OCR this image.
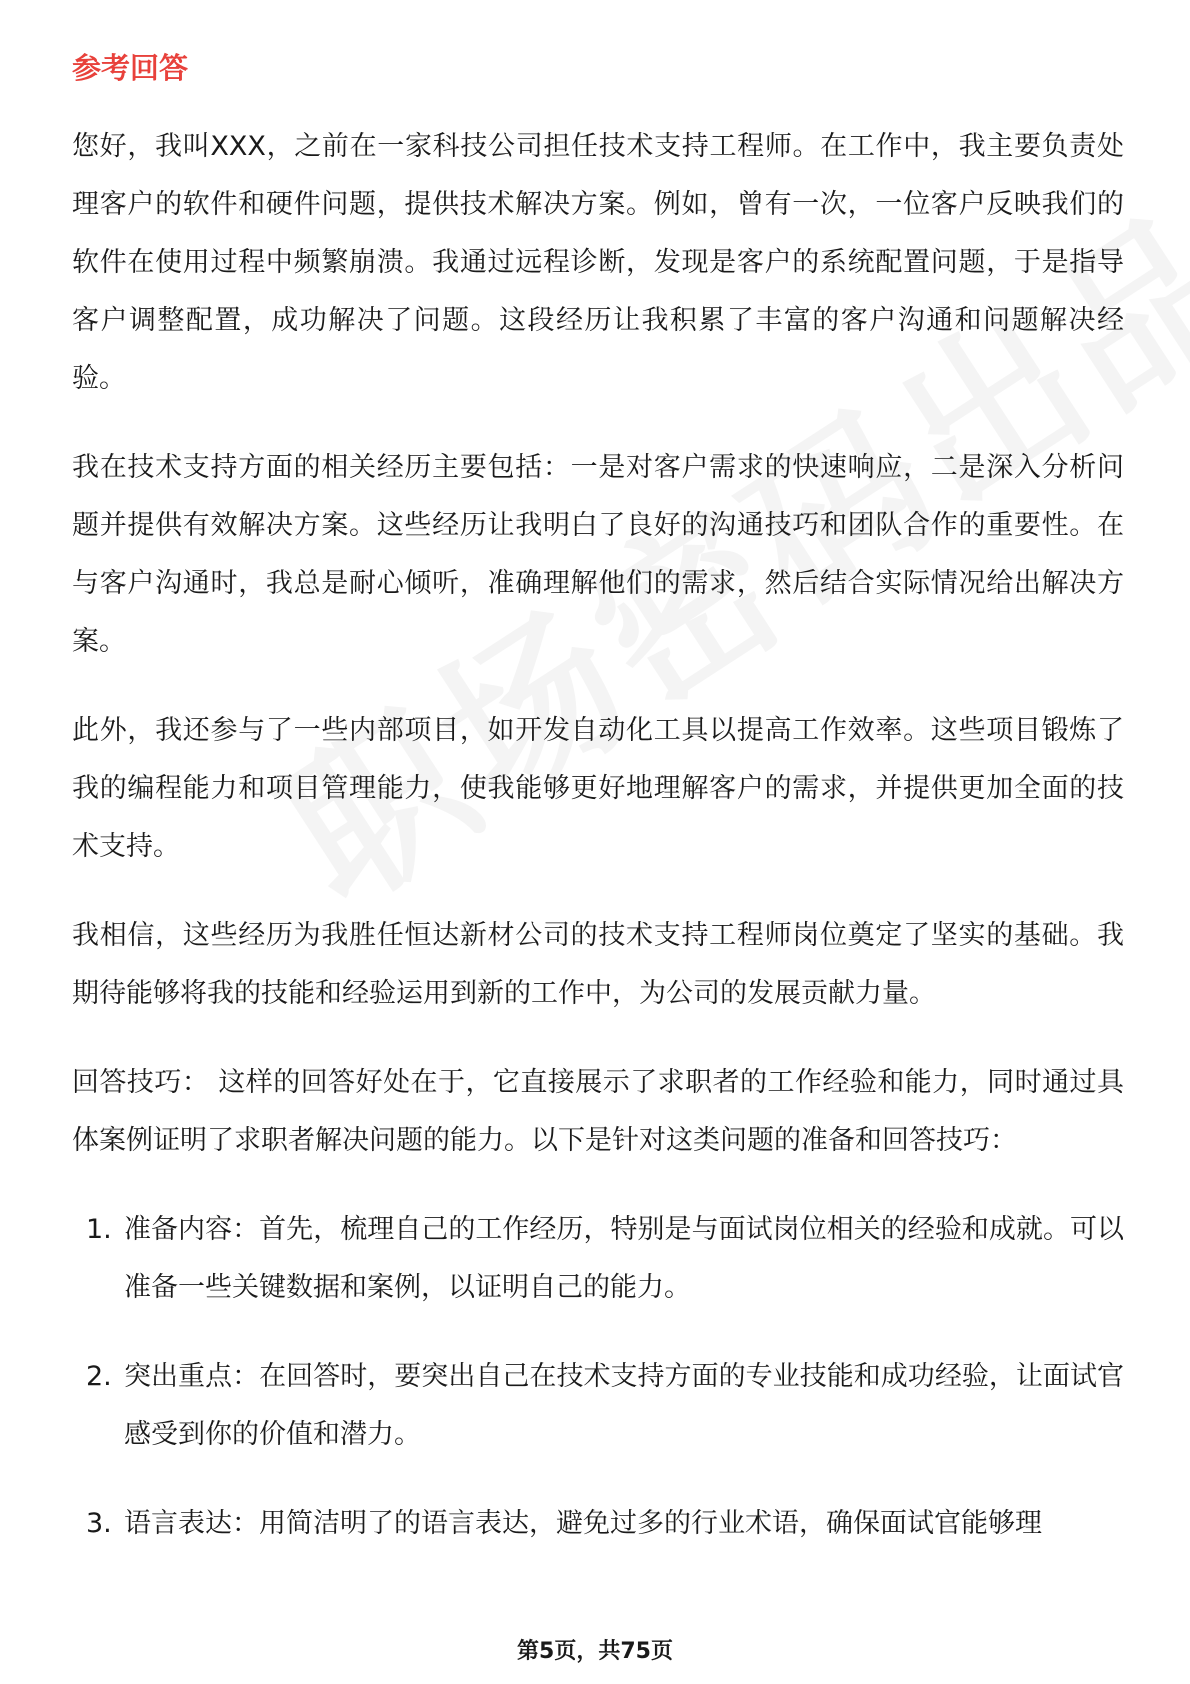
参考回答

您好，我叫XXX，之前在一家科技公司担任技术支持工程师。在工作中，我主要负责处理客户的软件和硬件问题，提供技术解决方案。例如，曾有一次，一位客户反映我们的软件在使用过程中频繁崩溃。我通过远程诊断，发现是客户的系统配置问题，于是指导客户调整配置，成功解决了问题。这段经历让我积累了丰富的客户沟通和问题解决经验。

我在技术支持方面的相关经历主要包括：一是对客户需求的快速响应，二是深入分析问题并提供有效解决方案。这些经历让我明白了良好的沟通技巧和团队合作的重要性。在与客户沟通时，我总是耐心倾听，准确理解他们的需求，然后结合实际情况给出解决方案。

此外，我还参与了一些内部项目，如开发自动化工具以提高工作效率。这些项目锻炼了我的编程能力和项目管理能力，使我能够更好地理解客户的需求，并提供更加全面的技术支持。

我相信，这些经历为我胜任恒达新材公司的技术支持工程师岗位奠定了坚实的基础。我期待能够将我的技能和经验运用到新的工作中，为公司的发展贡献力量。

回答技巧： 这样的回答好处在于，它直接展示了求职者的工作经验和能力，同时通过具体案例证明了求职者解决问题的能力。以下是针对这类问题的准备和回答技巧：

1. 准备内容：首先，梳理自己的工作经历，特别是与面试岗位相关的经验和成就。可以准备一些关键数据和案例，以证明自己的能力。
2. 突出重点：在回答时，要突出自己在技术支持方面的专业技能和成功经验，让面试官感受到你的价值和潜力。
3. 语言表达：用简洁明了的语言表达，避免过多的行业术语，确保面试官能够理
第5页，共75页
